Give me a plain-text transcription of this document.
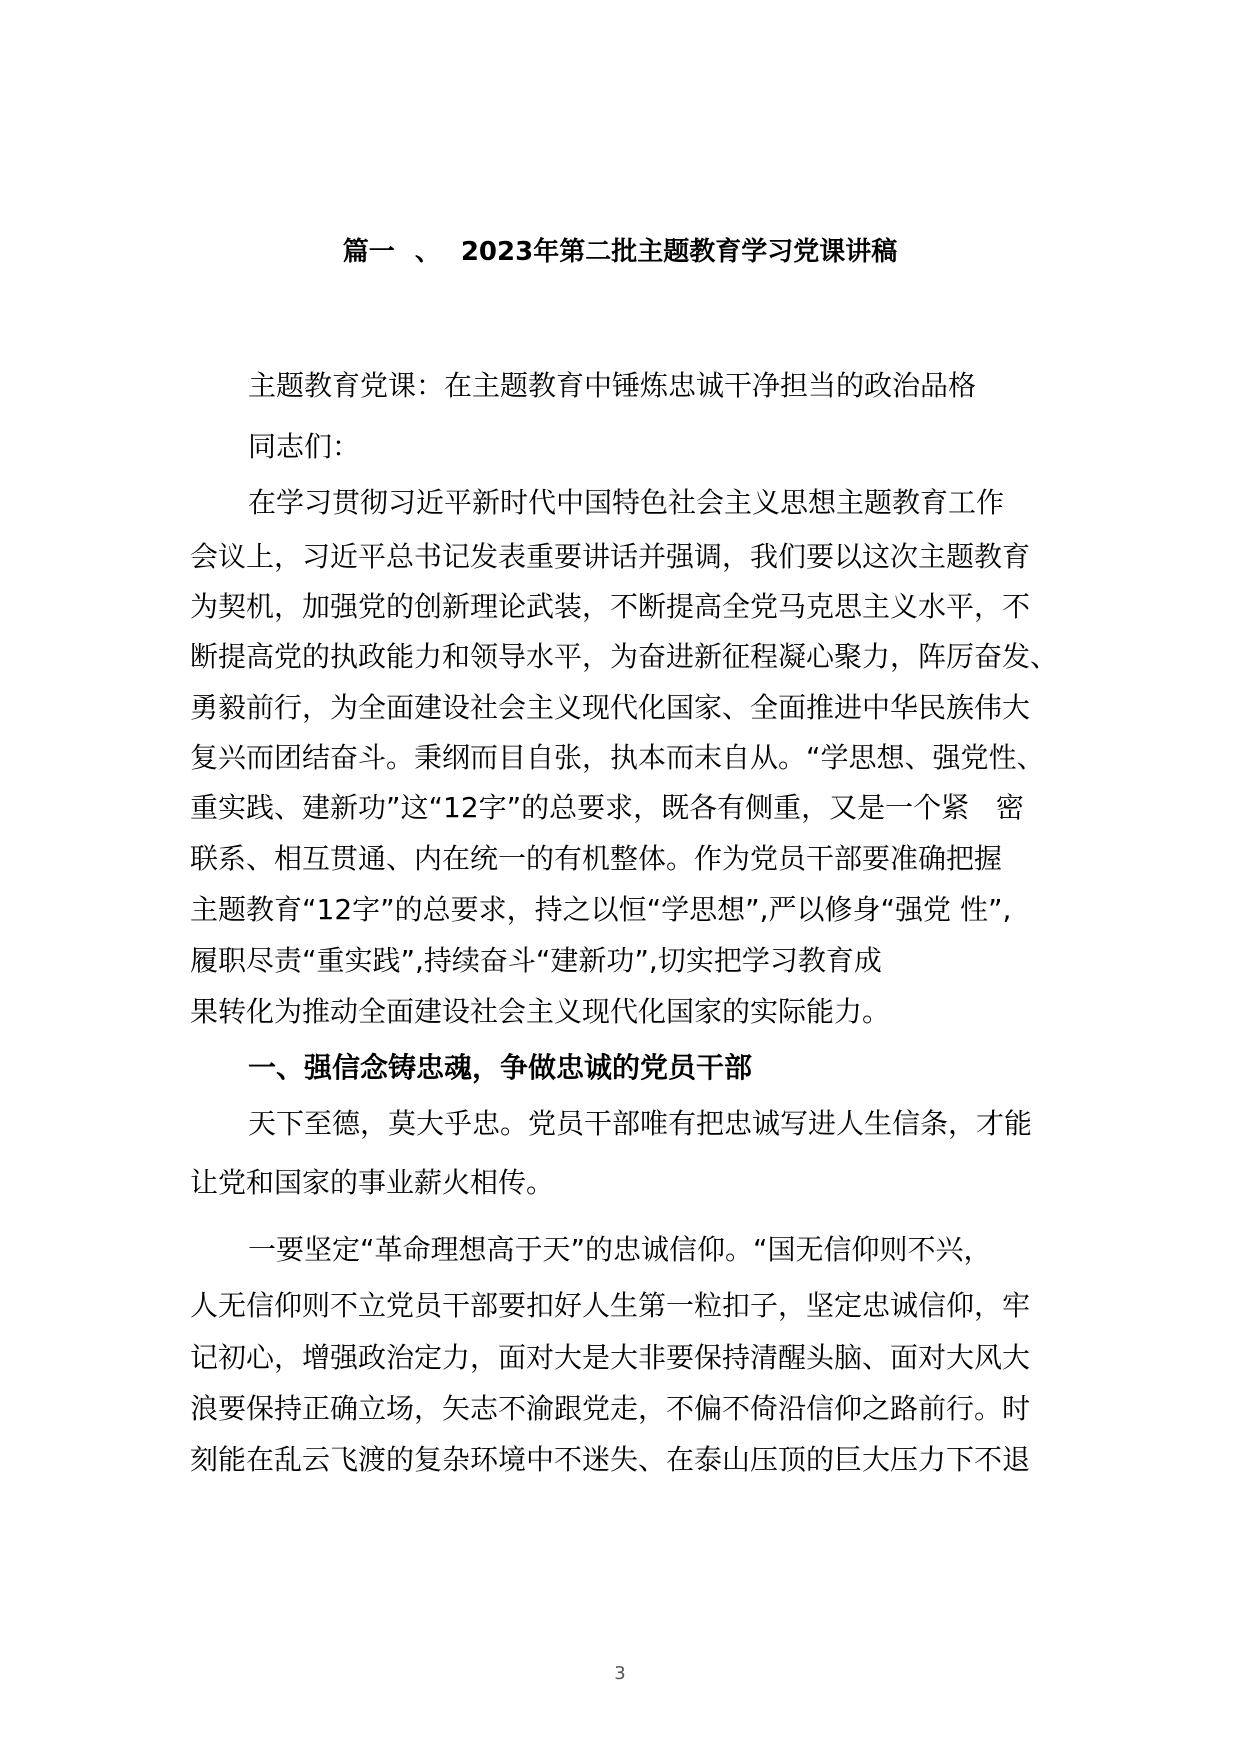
篇一 、 2023年第二批主题教育学习党课讲稿
主题教育党课：在主题教育中锤炼忠诚干净担当的政治品格
同志们：
在学习贯彻习近平新时代中国特色社会主义思想主题教育工作
会议上，习近平总书记发表重要讲话并强调，我们要以这次主题教育
为契机，加强党的创新理论武装，不断提高全党马克思主义水平，不
断提高党的执政能力和领导水平，为奋进新征程凝心聚力，阵厉奋发、
勇毅前行，为全面建设社会主义现代化国家、全面推进中华民族伟大
复兴而团结奋斗。秉纲而目自张，执本而末自从。“学思想、强党性、
重实践、建新功”这“12字”的总要求，既各有侧重，又是一个紧   密
联系、相互贯通、内在统一的有机整体。作为党员干部要准确把握
主题教育“12字”的总要求，持之以恒“学思想”,严以修身“强党 性”,
履职尽责“重实践”,持续奋斗“建新功”,切实把学习教育成
果转化为推动全面建设社会主义现代化国家的实际能力。
一、强信念铸忠魂，争做忠诚的党员干部
天下至德，莫大乎忠。党员干部唯有把忠诚写进人生信条，才能
让党和国家的事业薪火相传。
一要坚定“革命理想高于天”的忠诚信仰。“国无信仰则不兴，
人无信仰则不立党员干部要扣好人生第一粒扣子，坚定忠诚信仰，牢
记初心，增强政治定力，面对大是大非要保持清醒头脑、面对大风大
浪要保持正确立场，矢志不渝跟党走，不偏不倚沿信仰之路前行。时
刻能在乱云飞渡的复杂环境中不迷失、在泰山压顶的巨大压力下不退
3
